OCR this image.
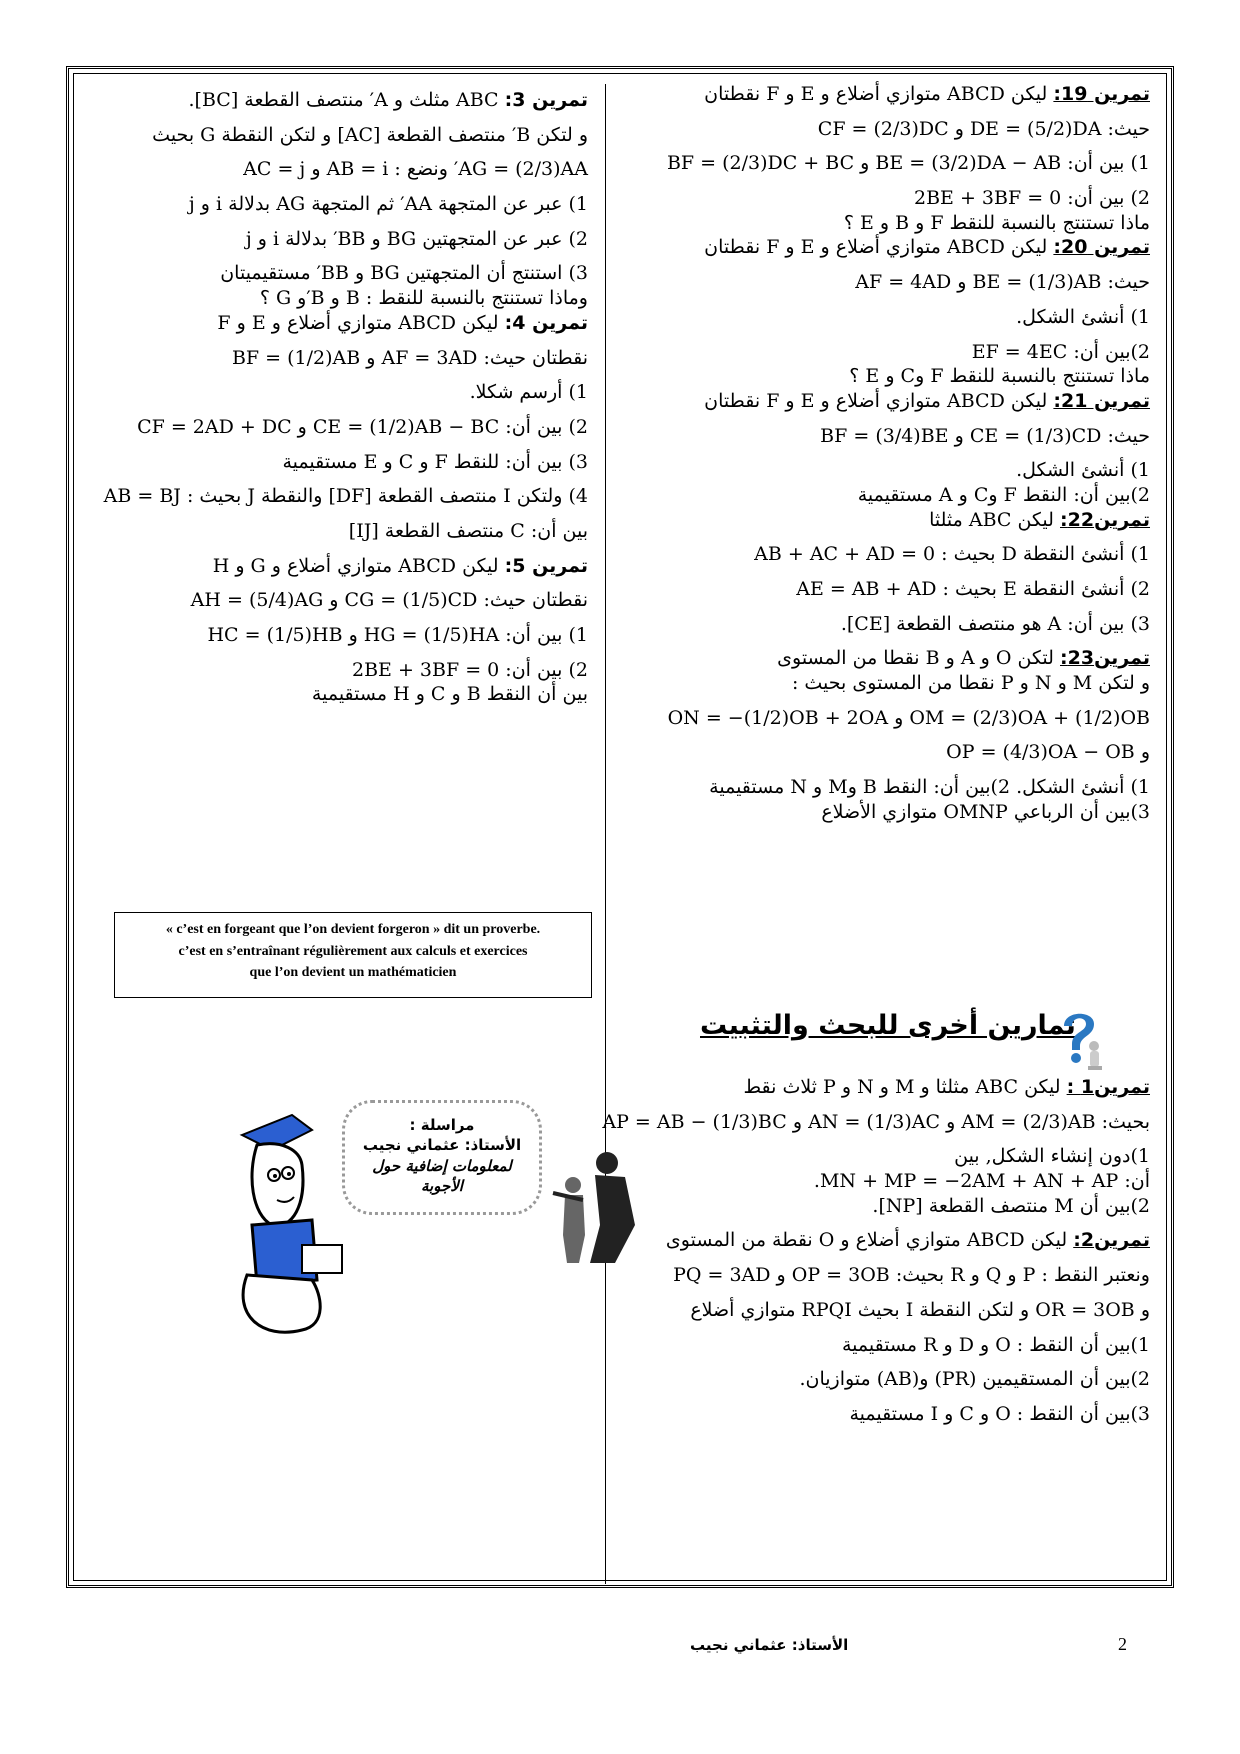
تمرين 19: ليكن ABCD متوازي أضلاع و E و F نقطتان

حيث: DE = (5/2)DA و CF = (2/3)DC

1) بين أن: BE = (3/2)DA − AB و BF = (2/3)DC + BC

2) بين أن: 2BE + 3BF = 0

ماذا تستنتج بالنسبة للنقط F و B و E ؟

تمرين 20: ليكن ABCD متوازي أضلاع و E و F نقطتان

حيث: BE = (1/3)AB و AF = 4AD

1) أنشئ الشكل.

2)بين أن: EF = 4EC

ماذا تستنتج بالنسبة للنقط F وC و E ؟

تمرين 21: ليكن ABCD متوازي أضلاع و E و F نقطتان

حيث: CE = (1/3)CD و BF = (3/4)BE

1) أنشئ الشكل.

2)بين أن: النقط F وC و A مستقيمية

تمرين22: ليكن ABC مثلثا

1) أنشئ النقطة D بحيث : AB + AC + AD = 0

2) أنشئ النقطة E بحيث : AE = AB + AD

3) بين أن: A هو منتصف القطعة [CE].

تمرين23: لتكن O و A و B نقطا من المستوى

و لتكن M و N و P نقطا من المستوى بحيث :

OM = (2/3)OA + (1/2)OB و ON = −(1/2)OB + 2OA

و OP = (4/3)OA − OB

1) أنشئ الشكل. 2)بين أن: النقط B وM و N مستقيمية

3)بين أن الرباعي OMNP متوازي الأضلاع

تمارين أخرى للبحث والتثبيت

تمرين1 : ليكن ABC مثلثا و M و N و P ثلاث نقط

بحيث: AM = (2/3)AB و AN = (1/3)AC و AP = AB − (1/3)BC

1)دون إنشاء الشكل, بين

أن: MN + MP = −2AM + AN + AP.

2)بين أن M منتصف القطعة [NP].

تمرين2: ليكن ABCD متوازي أضلاع و O نقطة من المستوى

ونعتبر النقط : P و Q و R بحيث: OP = 3OB و PQ = 3AD

و OR = 3OB و لتكن النقطة I بحيث RPQI متوازي أضلاع

1)بين أن النقط : O و D و R مستقيمية

2)بين أن المستقيمين (PR) و(AB) متوازيان.

3)بين أن النقط : O و C و I مستقيمية

تمرين 3: ABC مثلث و A′ منتصف القطعة [BC].

و لتكن B′ منتصف القطعة [AC] و لتكن النقطة G بحيث

AG = (2/3)AA′ ونضع : AB = i و AC = j

1) عبر عن المتجهة AA′ ثم المتجهة AG بدلالة i و j

2) عبر عن المتجهتين BG و BB′ بدلالة i و j

3) استنتج أن المتجهتين BG و BB′ مستقيميتان

وماذا تستنتج بالنسبة للنقط : B و B′و G ؟

تمرين 4: ليكن ABCD متوازي أضلاع و E و F

نقطتان حيث: AF = 3AD و BF = (1/2)AB

1) أرسم شكلا.

2) بين أن: CE = (1/2)AB − BC و CF = 2AD + DC

3) بين أن: للنقط F و C و E مستقيمية

4) ولتكن I منتصف القطعة [DF] والنقطة J بحيث : AB = BJ

بين أن: C منتصف القطعة [IJ]

تمرين 5: ليكن ABCD متوازي أضلاع و G و H

نقطتان حيث: CG = (1/5)CD و AH = (5/4)AG

1) بين أن: HG = (1/5)HA و HC = (1/5)HB

2) بين أن: 2BE + 3BF = 0

بين أن النقط B و C و H مستقيمية

« c’est en forgeant que l’on devient forgeron » dit un proverbe.
c’est en s’entraînant régulièrement aux calculs et exercices
que l’on devient un mathématicien
مراسلة :
الأستاذ: عثماني نجيب
لمعلومات إضافية حول
الأجوبة
الأستاذ: عثماني نجيب	2
